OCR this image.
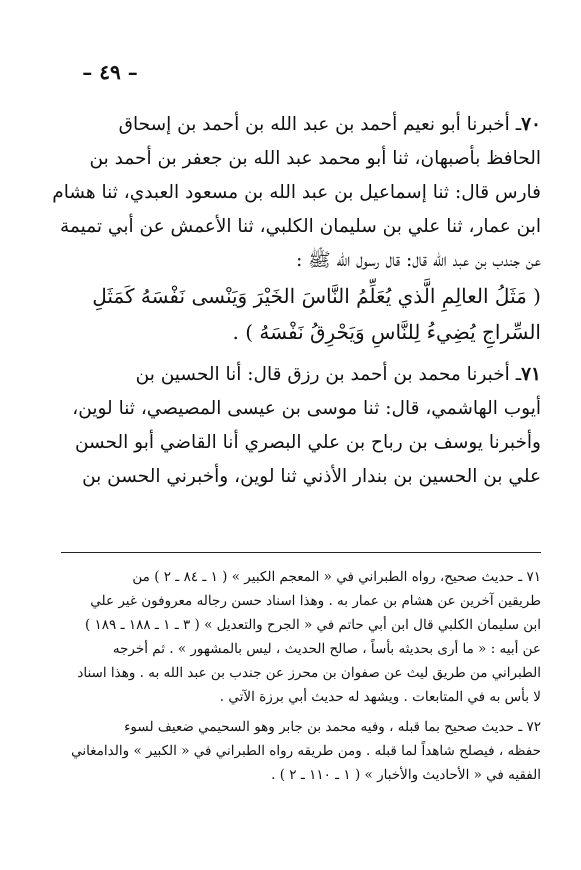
– ٤٩ –

٧٠ـ أخبرنا أبو نعيم أحمد بن عبد الله بن أحمد بن إسحاق

الحافظ بأصبهان، ثنا أبو محمد عبد الله بن جعفر بن أحمد بن

فارس قال: ثنا إسماعيل بن عبد الله بن مسعود العبدي، ثنا هشام

ابن عمار، ثنا علي بن سليمان الكلبي، ثنا الأعمش عن أبي تميمة

عن جندب بن عبد الله قال: قال رسول الله ﷺ :

( مَثَلُ العالِمِ الَّذي يُعَلِّمُ النَّاسَ الخَيْرَ وَيَنْسى نَفْسَهُ كَمَثَلِ

السِّراجِ يُضِيءُ لِلنَّاسِ وَيَحْرِقُ نَفْسَهُ ) .

٧١ـ أخبرنا محمد بن أحمد بن رزق قال: أنا الحسين بن

أيوب الهاشمي، قال: ثنا موسى بن عيسى المصيصي، ثنا لوين،

وأخبرنا يوسف بن رباح بن علي البصري أنا القاضي أبو الحسن

علي بن الحسين بن بندار الأذني ثنا لوين، وأخبرني الحسن بن

٧١ ـ حديث صحيح، رواه الطبراني في « المعجم الكبير » ( ١ ـ ٨٤ ـ ٢ ) من

طريقين آخرين عن هشام بن عمار به . وهذا اسناد حسن رجاله معروفون غير علي

ابن سليمان الكلبي قال ابن أبي حاتم في « الجرح والتعديل » ( ٣ ـ ١ ـ ١٨٨ ـ ١٨٩ )

عن أبيه : « ما أرى بحديثه بأساً ، صالح الحديث ، ليس بالمشهور » . ثم أخرجه

الطبراني من طريق ليث عن صفوان بن محرز عن جندب بن عبد الله به . وهذا اسناد

لا بأس به في المتابعات . ويشهد له حديث أبي برزة الآتي .

٧٢ ـ حديث صحيح بما قبله ، وفيه محمد بن جابر وهو السحيمي ضعيف لسوء

حفظه ، فيصلح شاهداً لما قبله . ومن طريقه رواه الطبراني في « الكبير » والدامغاني

الفقيه في « الأحاديث والأخبار » ( ١ ـ ١١٠ ـ ٢ ) .
